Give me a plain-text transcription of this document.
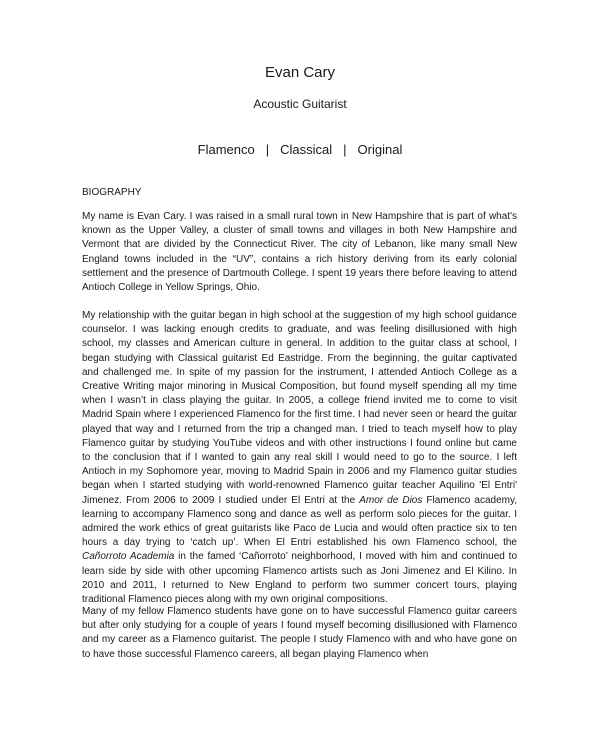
Evan Cary
Acoustic Guitarist
Flamenco | Classical | Original
BIOGRAPHY

My name is Evan Cary. I was raised in a small rural town in New Hampshire that is part of what's known as the Upper Valley, a cluster of small towns and villages in both New Hampshire and Vermont that are divided by the Connecticut River. The city of Lebanon, like many small New England towns included in the “UV”, contains a rich history deriving from its early colonial settlement and the presence of Dartmouth College. I spent 19 years there before leaving to attend Antioch College in Yellow Springs, Ohio.

My relationship with the guitar began in high school at the suggestion of my high school guidance counselor. I was lacking enough credits to graduate, and was feeling disillusioned with high school, my classes and American culture in general. In addition to the guitar class at school, I began studying with Classical guitarist Ed Eastridge. From the beginning, the guitar captivated and challenged me. In spite of my passion for the instrument, I attended Antioch College as a Creative Writing major minoring in Musical Composition, but found myself spending all my time when I wasn’t in class playing the guitar. In 2005, a college friend invited me to come to visit Madrid Spain where I experienced Flamenco for the first time. I had never seen or heard the guitar played that way and I returned from the trip a changed man. I tried to teach myself how to play Flamenco guitar by studying YouTube videos and with other instructions I found online but came to the conclusion that if I wanted to gain any real skill I would need to go to the source. I left Antioch in my Sophomore year, moving to Madrid Spain in 2006 and my Flamenco guitar studies began when I started studying with world-renowned Flamenco guitar teacher Aquilino 'El Entri' Jimenez. From 2006 to 2009 I studied under El Entri at the Amor de Dios Flamenco academy, learning to accompany Flamenco song and dance as well as perform solo pieces for the guitar. I admired the work ethics of great guitarists like Paco de Lucia and would often practice six to ten hours a day trying to ‘catch up’. When El Entri established his own Flamenco school, the Cañorroto Academia in the famed ‘Cañorroto’ neighborhood, I moved with him and continued to learn side by side with other upcoming Flamenco artists such as Joni Jimenez and El Kilino. In 2010 and 2011, I returned to New England to perform two summer concert tours, playing traditional Flamenco pieces along with my own original compositions.

Many of my fellow Flamenco students have gone on to have successful Flamenco guitar careers but after only studying for a couple of years I found myself becoming disillusioned with Flamenco and my career as a Flamenco guitarist. The people I study Flamenco with and who have gone on to have those successful Flamenco careers, all began playing Flamenco when
